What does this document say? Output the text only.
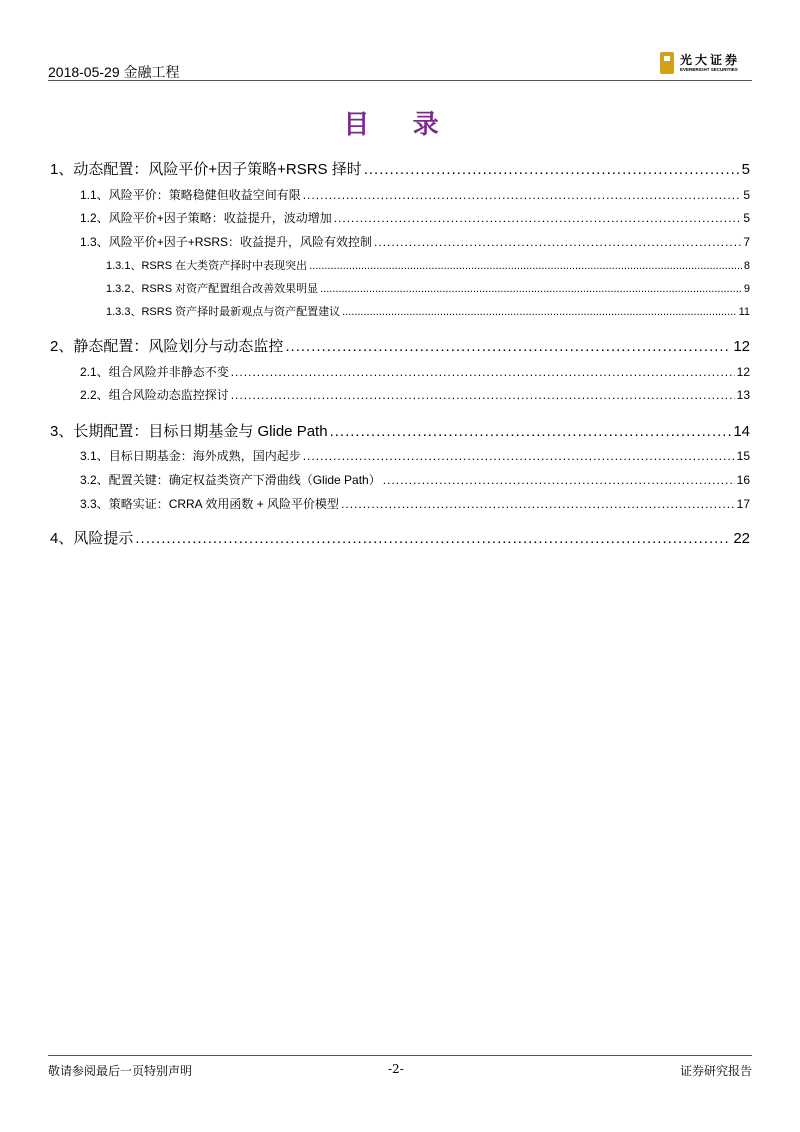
2018-05-29 金融工程
光大证券
EVERBRIGHT SECURITIES
目 录
1、 动态配置：风险平价+因子策略+RSRS 择时 .....	5
1.1、 风险平价：策略稳健但收益空间有限 .....	5
1.2、 风险平价+因子策略：收益提升，波动增加 .....	5
1.3、 风险平价+因子+RSRS：收益提升，风险有效控制 .....	7
1.3.1、 RSRS 在大类资产择时中表现突出 .....	8
1.3.2、 RSRS 对资产配置组合改善效果明显 .....	9
1.3.3、 RSRS 资产择时最新观点与资产配置建议 .....	11
2、 静态配置：风险划分与动态监控 .....	12
2.1、 组合风险并非静态不变 .....	12
2.2、 组合风险动态监控探讨 .....	13
3、 长期配置：目标日期基金与 Glide Path .....	14
3.1、 目标日期基金：海外成熟，国内起步 .....	15
3.2、 配置关键：确定权益类资产下滑曲线（Glide Path） .....	16
3.3、 策略实证：CRRA 效用函数 + 风险平价模型 .....	17
4、 风险提示 .....	22
敬请参阅最后一页特别声明	-2-	证券研究报告
